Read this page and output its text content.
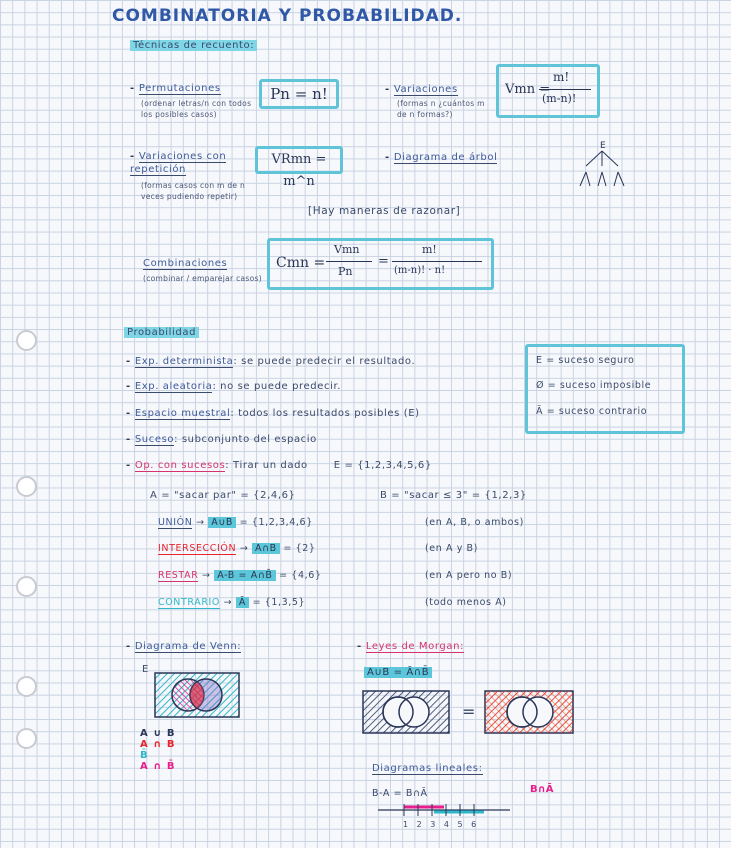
COMBINATORIA Y PROBABILIDAD.
Técnicas de recuento:
- Permutaciones
(ordenar letras/n con todos los posibles casos)
Pn = n!	- Variaciones
(formas n ¿cuántos m de n formas?)
Vmn =
m!
(m-n)!
- Variaciones con repetición
(formas casos con m de n veces pudiendo repetir)
VRmn = m^n
- Diagrama de árbol
E
[Hay maneras de razonar]
Combinaciones
(combinar / emparejar casos)
Cmn =
Vmn
Pn
=
m!
(m-n)! · n!
Probabilidad
- Exp. determinista: se puede predecir el resultado.
- Exp. aleatoria: no se puede predecir.
- Espacio muestral: todos los resultados posibles (E)
- Suceso: subconjunto del espacio
E = suceso seguro
Ø = suceso imposible
Ā = suceso contrario
- Op. con sucesos: Tirar un dado	E = {1,2,3,4,5,6}
A = "sacar par" = {2,4,6}	B = "sacar ≤ 3" = {1,2,3}
UNIÓN → A∪B = {1,2,3,4,6}	(en A, B, o ambos)
INTERSECCIÓN → A∩B = {2}	(en A y B)
RESTAR → A-B = A∩B̄ = {4,6}	(en A pero no B)
CONTRARIO → Ā = {1,3,5}	(todo menos A)
- Diagrama de Venn:
E
A ∪ B
A ∩ B
B̄
A ∩ B̄
- Leyes de Morgan:
A∪B = Ā∩B̄
=
Diagramas lineales:
B-A = B∩Ā	B∩Ā
1 2 3 4 5 6
